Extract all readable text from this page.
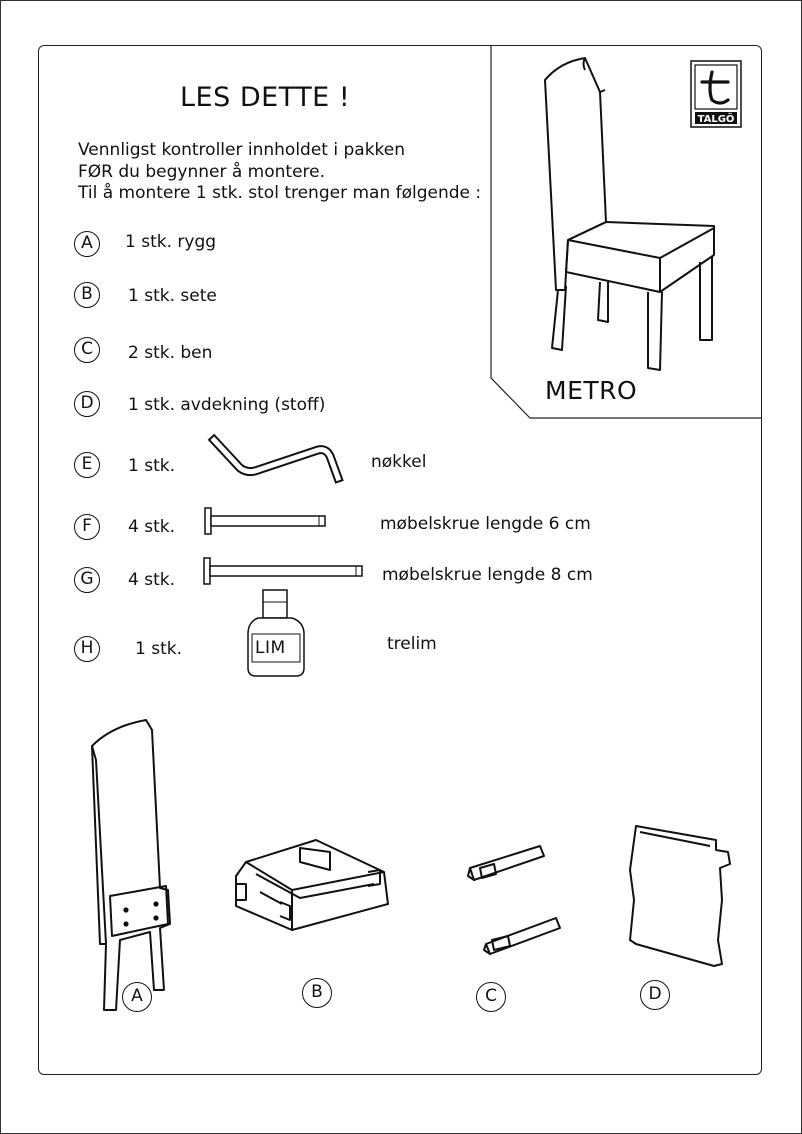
LES DETTE !
Vennligst kontroller innholdet i pakken
FØR du begynner å montere.
Til å montere 1 stk. stol trenger man følgende :
TALGÖ
METRO
A	1 stk. rygg
B	1 stk. sete
C	2 stk. ben
D	1 stk. avdekning (stoff)
E	1 stk.	nøkkel
F	4 stk.	møbelskrue lengde 6 cm
G	4 stk.	møbelskrue lengde 8 cm
H	1 stk.	trelim
LIM
A	B	C	D
